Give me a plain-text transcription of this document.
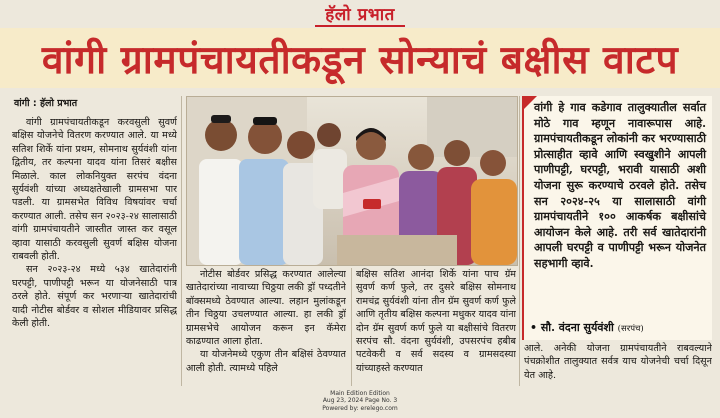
हॅलो प्रभात
वांगी ग्रामपंचायतीकडून सोन्याचं बक्षीस वाटप
वांगी : हॅलो प्रभात

वांगी ग्रामपंचायतीकडून करवसुली सुवर्ण बक्षिस योजनेचे वितरण करण्यात आले. या मध्ये सतिश शिर्के यांना प्रथम, सोमनाथ सुर्यवंशी यांना द्वितीय, तर कल्पना यादव यांना तिसरं बक्षीस मिळाले. काल लोकनियुक्त सरपंच वंदना सुर्यवंशी यांच्या अध्यक्षतेखाली ग्रामसभा पार पडली. या ग्रामसभेत विविध विषयांवर चर्चा करण्यात आली. तसेच सन २०२३-२४ सालासाठी वांगी ग्रामपंचायतीने जास्तीत जास्त कर वसूल व्हावा यासाठी करवसुली सुवर्ण बक्षिस योजना राबवली होती.

सन २०२३-२४ मध्ये ५३४ खातेदारांनी घरपट्टी, पाणीपट्टी भरून या योजनेसाठी पात्र ठरले होते. संपूर्ण कर भरणाऱ्या खातेदारांची यादी नोटीस बोर्डवर व सोशल मीडियावर प्रसिद्ध केली होती.

नोटीस बोर्डवर प्रसिद्ध करण्यात आलेल्या खातेदारांच्या नावाच्या चिठ्ठया लकी ड्रॉ पध्दतीने बॉक्समध्ये ठेवण्यात आल्या. लहान मुलांकडून तीन चिठ्ठया उचलण्यात आल्या. हा लकी ड्रॉ ग्रामसभेचे आयोजन करून इन कॅमेरा काढण्यात आला होता.

या योजनेमध्ये एकुण तीन बक्षिसं ठेवण्यात आली होती. त्यामध्ये पहिले

बक्षिस सतिश आनंदा शिर्के यांना पाच ग्रॅम सुवर्ण कर्ण फुले, तर दुसरे बक्षिस सोमनाथ रामचंद्र सुर्यवंशी यांना तीन ग्रॅम सुवर्ण कर्ण फुले आणि तृतीय बक्षिस कल्पना मधुकर यादव यांना दोन ग्रॅम सुवर्ण कर्ण फुले या बक्षीसांचे वितरण सरपंच सौ. वंदना सुर्यवंशी, उपसरपंच हबीब पटवेकरी व सर्व सदस्य व ग्रामसदस्या यांच्याहस्ते करण्यात

वांगी हे गाव कडेगाव तालुक्यातील सर्वात मोठे गाव म्हणून नावारूपास आहे. ग्रामपंचायतीकडून लोकांनी कर भरण्यासाठी प्रोत्साहीत व्हावे आणि स्वखुशीने आपली पाणीपट्टी, घरपट्टी, भरावी यासाठी अशी योजना सुरू करण्याचे ठरवले होते. तसेच सन २०२४-२५ या सालासाठी वांगी ग्रामपंचायतीने १०० आकर्षक बक्षीसांचे आयोजन केले आहे. तरी सर्व खातेदारांनी आपली घरपट्टी व पाणीपट्टी भरून योजनेत सहभागी व्हावे.

• सौ. वंदना सुर्यवंशी (सरपंच)

आले. अनेकी योजना ग्रामपंचायतीने राबवल्याने पंचक्रोशीत तालुक्यात सर्वत्र याच योजनेची चर्चा दिसून येत आहे.

Main Edition Edition
Aug 23, 2024 Page No. 3
Powered by: erelego.com
